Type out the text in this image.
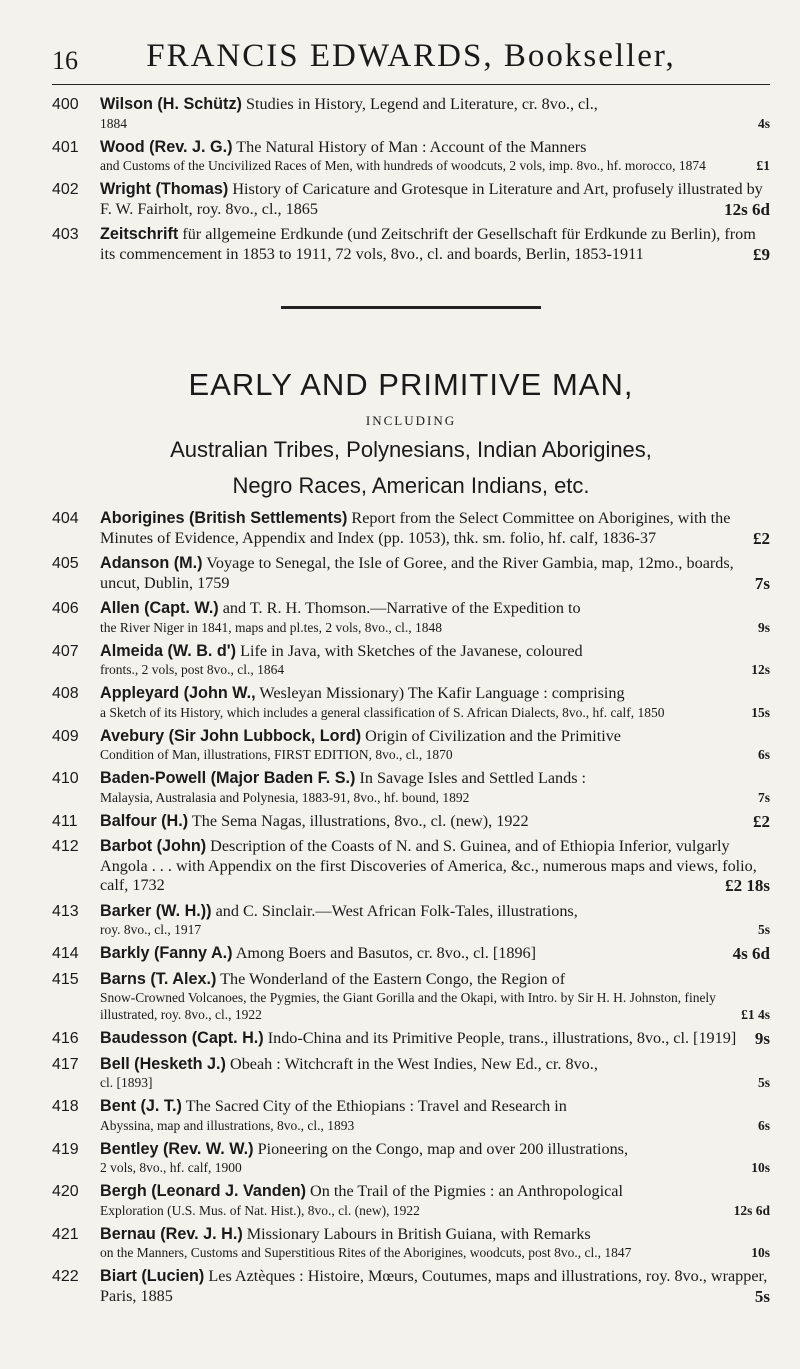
16	FRANCIS EDWARDS, Bookseller,
400 Wilson (H. Schütz) Studies in History, Legend and Literature, cr. 8vo., cl.,
1884	4s
401 Wood (Rev. J. G.) The Natural History of Man : Account of the Manners
and Customs of the Uncivilized Races of Men, with hundreds of woodcuts, 2 vols, imp. 8vo., hf. morocco, 1874	£1
402 Wright (Thomas) History of Caricature and Grotesque in Literature and Art, profusely illustrated by F. W. Fairholt, roy. 8vo., cl., 1865	12s 6d
403 Zeitschrift für allgemeine Erdkunde (und Zeitschrift der Gesellschaft für Erdkunde zu Berlin), from its commencement in 1853 to 1911, 72 vols, 8vo., cl. and boards, Berlin, 1853-1911	£9
EARLY AND PRIMITIVE MAN,
INCLUDING
Australian Tribes, Polynesians, Indian Aborigines,
Negro Races, American Indians, etc.
404 Aborigines (British Settlements) Report from the Select Committee on Aborigines, with the Minutes of Evidence, Appendix and Index (pp. 1053), thk. sm. folio, hf. calf, 1836-37	£2
405 Adanson (M.) Voyage to Senegal, the Isle of Goree, and the River Gambia, map, 12mo., boards, uncut, Dublin, 1759	7s
406 Allen (Capt. W.) and T. R. H. Thomson.—Narrative of the Expedition to
the River Niger in 1841, maps and pl.tes, 2 vols, 8vo., cl., 1848	9s
407 Almeida (W. B. d') Life in Java, with Sketches of the Javanese, coloured
fronts., 2 vols, post 8vo., cl., 1864	12s
408 Appleyard (John W., Wesleyan Missionary) The Kafir Language : comprising
a Sketch of its History, which includes a general classification of S. African Dialects, 8vo., hf. calf, 1850	15s
409 Avebury (Sir John Lubbock, Lord) Origin of Civilization and the Primitive
Condition of Man, illustrations, FIRST EDITION, 8vo., cl., 1870	6s
410 Baden-Powell (Major Baden F. S.) In Savage Isles and Settled Lands :
Malaysia, Australasia and Polynesia, 1883-91, 8vo., hf. bound, 1892	7s
411 Balfour (H.) The Sema Nagas, illustrations, 8vo., cl. (new), 1922	£2
412 Barbot (John) Description of the Coasts of N. and S. Guinea, and of Ethiopia Inferior, vulgarly Angola . . . with Appendix on the first Discoveries of America, &c., numerous maps and views, folio, calf, 1732	£2 18s
413 Barker (W. H.)) and C. Sinclair.—West African Folk-Tales, illustrations,
roy. 8vo., cl., 1917	5s
414 Barkly (Fanny A.) Among Boers and Basutos, cr. 8vo., cl. [1896]	4s 6d
415 Barns (T. Alex.) The Wonderland of the Eastern Congo, the Region of
Snow-Crowned Volcanoes, the Pygmies, the Giant Gorilla and the Okapi, with Intro. by Sir H. H. Johnston, finely illustrated, roy. 8vo., cl., 1922	£1 4s
416 Baudesson (Capt. H.) Indo-China and its Primitive People, trans., illustrations, 8vo., cl. [1919] 9s
417 Bell (Hesketh J.) Obeah : Witchcraft in the West Indies, New Ed., cr. 8vo.,
cl. [1893]	5s
418 Bent (J. T.) The Sacred City of the Ethiopians : Travel and Research in
Abyssina, map and illustrations, 8vo., cl., 1893	6s
419 Bentley (Rev. W. W.) Pioneering on the Congo, map and over 200 illustrations,
2 vols, 8vo., hf. calf, 1900	10s
420 Bergh (Leonard J. Vanden) On the Trail of the Pigmies : an Anthropological
Exploration (U.S. Mus. of Nat. Hist.), 8vo., cl. (new), 1922	12s 6d
421 Bernau (Rev. J. H.) Missionary Labours in British Guiana, with Remarks
on the Manners, Customs and Superstitious Rites of the Aborigines, woodcuts, post 8vo., cl., 1847	10s
422 Biart (Lucien) Les Aztèques : Histoire, Mœurs, Coutumes, maps and illustrations, roy. 8vo., wrapper, Paris, 1885	5s
